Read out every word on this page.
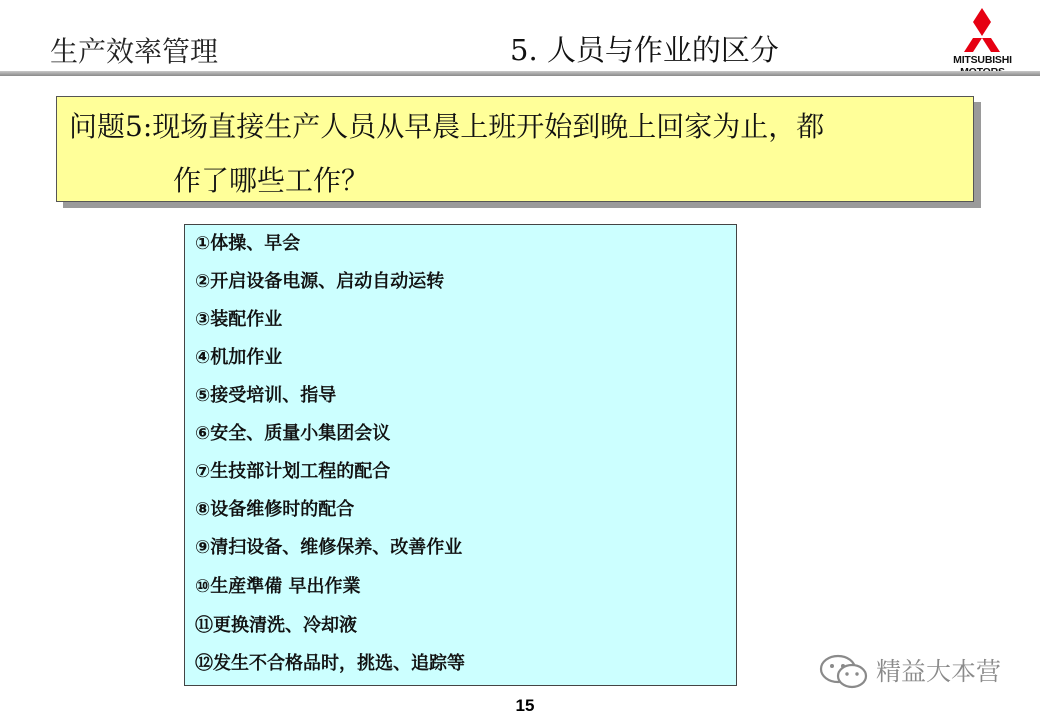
生产效率管理	5. 人员与作业的区分	MITSUBISHI
问题5:现场直接生产人员从早晨上班开始到晚上回家为止，都
作了哪些工作？
①体操、早会
②开启设备电源、启动自动运转
③装配作业
④机加作业
⑤接受培训、指导
⑥安全、质量小集团会议
⑦生技部计划工程的配合
⑧设备维修时的配合
⑨清扫设备、维修保养、改善作业
⑩生産準備 早出作業
⑪更换清洗、冷却液
⑫发生不合格品时，挑选、追踪等	精益大本营
15
